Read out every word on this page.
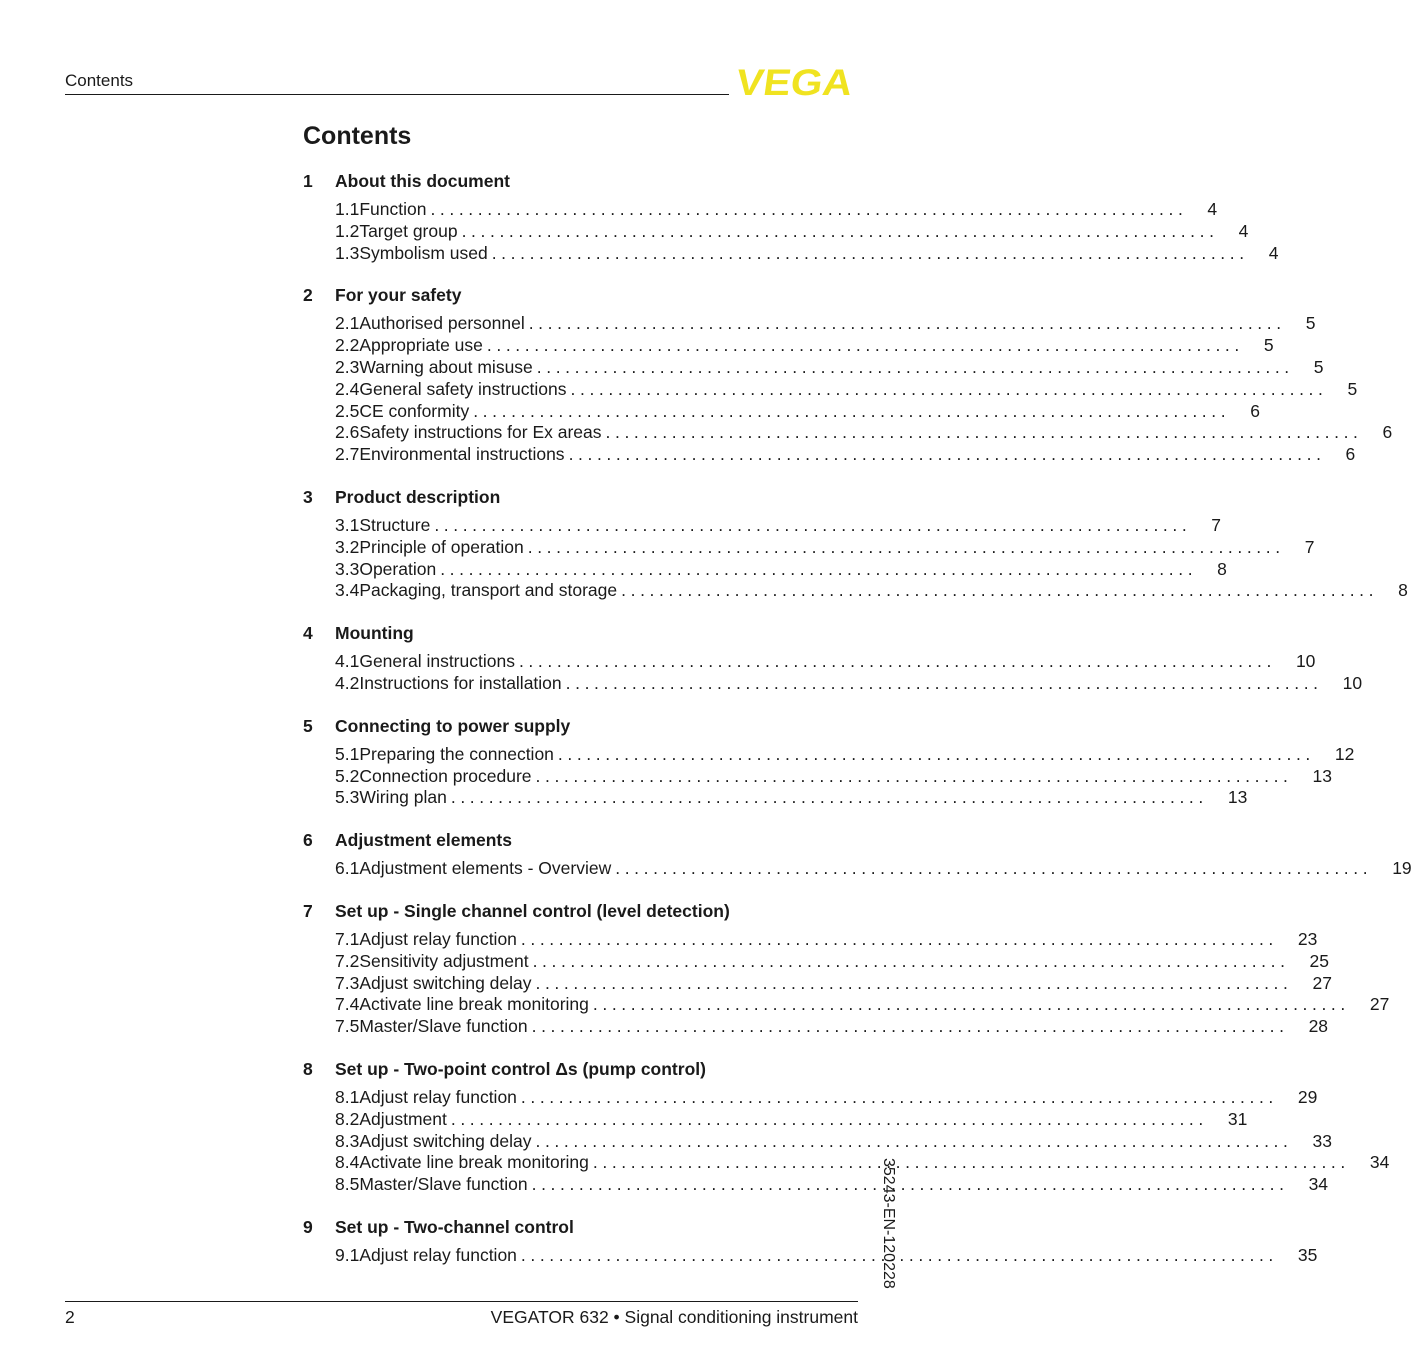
Contents	VEGA
Contents
1	About this document
1.1 Function ................................................................................ 4
1.2 Target group ................................................................................ 4
1.3 Symbolism used ................................................................................ 4
2	For your safety
2.1 Authorised personnel ................................................................................ 5
2.2 Appropriate use ................................................................................ 5
2.3 Warning about misuse ................................................................................ 5
2.4 General safety instructions ................................................................................ 5
2.5 CE conformity ................................................................................ 6
2.6 Safety instructions for Ex areas ................................................................................ 6
2.7 Environmental instructions ................................................................................ 6
3	Product description
3.1 Structure ................................................................................ 7
3.2 Principle of operation ................................................................................ 7
3.3 Operation ................................................................................ 8
3.4 Packaging, transport and storage ................................................................................ 8
4	Mounting
4.1 General instructions ................................................................................ 10
4.2 Instructions for installation ................................................................................ 10
5	Connecting to power supply
5.1 Preparing the connection ................................................................................ 12
5.2 Connection procedure ................................................................................ 13
5.3 Wiring plan ................................................................................ 13
6	Adjustment elements
6.1 Adjustment elements - Overview ................................................................................ 19
7	Set up - Single channel control (level detection)
7.1 Adjust relay function ................................................................................ 23
7.2 Sensitivity adjustment ................................................................................ 25
7.3 Adjust switching delay ................................................................................ 27
7.4 Activate line break monitoring ................................................................................ 27
7.5 Master/Slave function ................................................................................ 28
8	Set up - Two-point control Δs (pump control)
8.1 Adjust relay function ................................................................................ 29
8.2 Adjustment ................................................................................ 31
8.3 Adjust switching delay ................................................................................ 33
8.4 Activate line break monitoring ................................................................................ 34
8.5 Master/Slave function ................................................................................ 34
9	Set up - Two-channel control
9.1 Adjust relay function ................................................................................ 35
35243-EN-120228
2	VEGATOR 632 • Signal conditioning instrument
